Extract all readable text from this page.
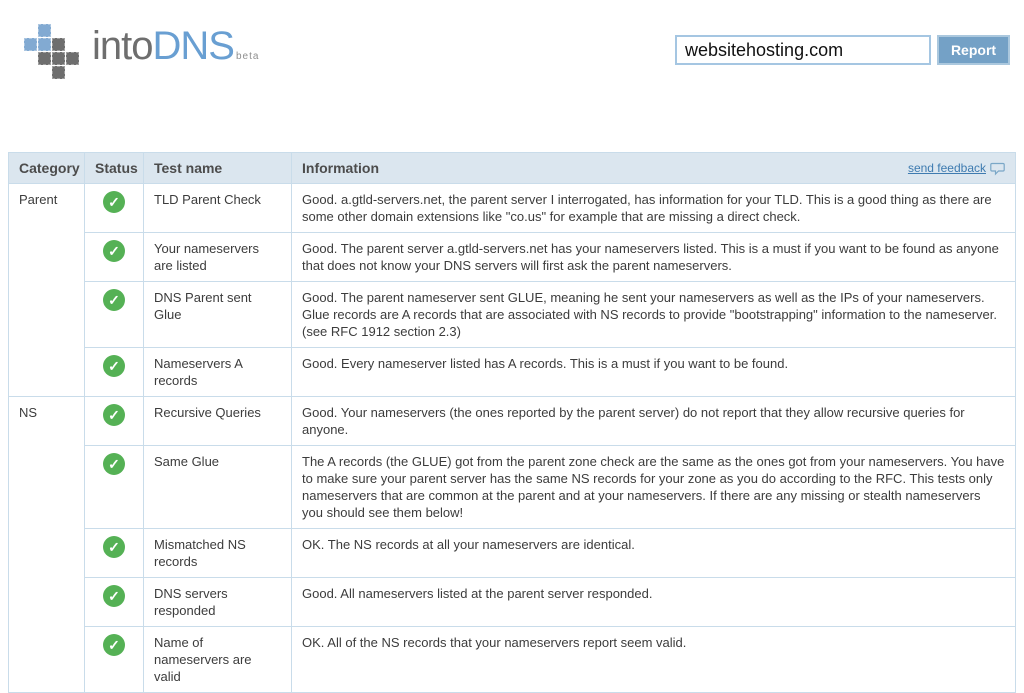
intoDNS beta
websitehosting.com	Report
Category	Status	Test name	Information send feedback

Parent	✓	TLD Parent Check	Good. a.gtld-servers.net, the parent server I interrogated, has information for your TLD. This is a good thing as there are some other domain extensions like "co.us" for example that are missing a direct check.
	✓	Your nameservers are listed	Good. The parent server a.gtld-servers.net has your nameservers listed. This is a must if you want to be found as anyone that does not know your DNS servers will first ask the parent nameservers.
	✓	DNS Parent sent Glue	Good. The parent nameserver sent GLUE, meaning he sent your nameservers as well as the IPs of your nameservers. Glue records are A records that are associated with NS records to provide "bootstrapping" information to the nameserver.(see RFC 1912 section 2.3)
	✓	Nameservers A records	Good. Every nameserver listed has A records. This is a must if you want to be found.
NS	✓	Recursive Queries	Good. Your nameservers (the ones reported by the parent server) do not report that they allow recursive queries for anyone.
	✓	Same Glue	The A records (the GLUE) got from the parent zone check are the same as the ones got from your nameservers. You have to make sure your parent server has the same NS records for your zone as you do according to the RFC. This tests only nameservers that are common at the parent and at your nameservers. If there are any missing or stealth nameservers you should see them below!
	✓	Mismatched NS records	OK. The NS records at all your nameservers are identical.
	✓	DNS servers responded	Good. All nameservers listed at the parent server responded.
	✓	Name of nameservers are valid	OK. All of the NS records that your nameservers report seem valid.
